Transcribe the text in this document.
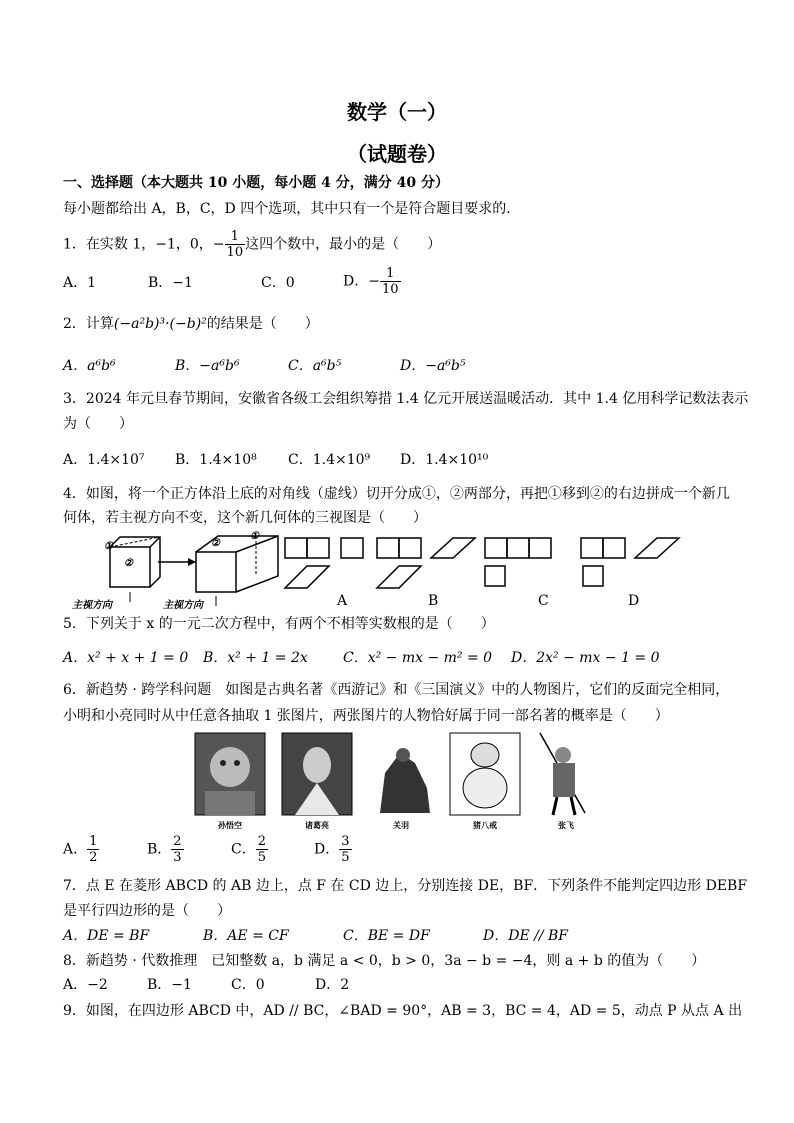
数学（一）
（试题卷）
一、选择题（本大题共 10 小题，每小题 4 分，满分 40 分）
每小题都给出 A，B，C，D 四个选项，其中只有一个是符合题目要求的.
1．在实数 1，−1，0，− $\frac{1}{10}$ 这四个数中，最小的是（　　）
A．1	B．−1	C．0	D．− $\frac{1}{10}$
2．计算(−a²b)³·(−b)²的结果是（　　）
A．a⁶b⁶	B．−a⁶b⁶	C．a⁶b⁵	D．−a⁶b⁵
3．2024 年元旦春节期间，安徽省各级工会组织筹措 1.4 亿元开展送温暖活动．其中 1.4 亿用科学记数法表示
为（　　）
A．1.4×10⁷ B．1.4×10⁸ C．1.4×10⁹ D．1.4×10¹⁰
4．如图，将一个正方体沿上底的对角线（虚线）切开分成①，②两部分，再把①移到②的右边拼成一个新几
何体，若主视方向不变，这个新几何体的三视图是（　　）
①
②
②
①
主视方向	主视方向	A	B	C	D
5．下列关于 x 的一元二次方程中，有两个不相等实数根的是（　　）
A．x² + x + 1 = 0 B．x² + 1 = 2x	C．x² − mx − m² = 0 D．2x² − mx − 1 = 0
6．新趋势 · 跨学科问题　如图是古典名著《西游记》和《三国演义》中的人物图片，它们的反面完全相同，
小明和小亮同时从中任意各抽取 1 张图片，两张图片的人物恰好属于同一部名著的概率是（　　）
孙悟空	诸葛亮	关羽	猪八戒	张飞
A． $\frac{1}{2}$	B． $\frac{2}{3}$	C． $\frac{2}{5}$	D． $\frac{3}{5}$
7．点 E 在菱形 ABCD 的 AB 边上，点 F 在 CD 边上，分别连接 DE，BF．下列条件不能判定四边形 DEBF
是平行四边形的是（　　）
A．DE = BF	B．AE = CF	C．BE = DF	D．DE // BF
8．新趋势 · 代数推理　已知整数 a，b 满足 a < 0，b > 0，3a − b = −4，则 a + b 的值为（　　）
A．−2	B．−1	C．0	D．2
9．如图，在四边形 ABCD 中，AD // BC，∠BAD = 90°，AB = 3，BC = 4，AD = 5，动点 P 从点 A 出
